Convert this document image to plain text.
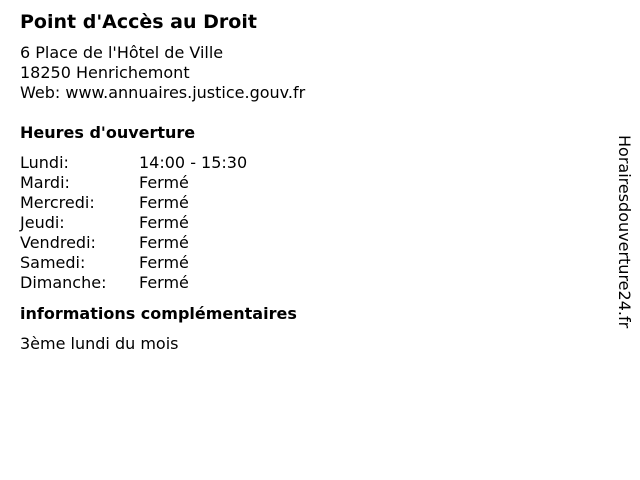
Point d'Accès au Droit
6 Place de l'Hôtel de Ville
18250 Henrichemont
Web: www.annuaires.justice.gouv.fr
Heures d'ouverture
Lundi:	14:00 - 15:30
Mardi:	Fermé
Mercredi:	Fermé
Jeudi:	Fermé
Vendredi:	Fermé
Samedi:	Fermé
Dimanche:	Fermé
informations complémentaires
3ème lundi du mois
Horairesdouverture24.fr
